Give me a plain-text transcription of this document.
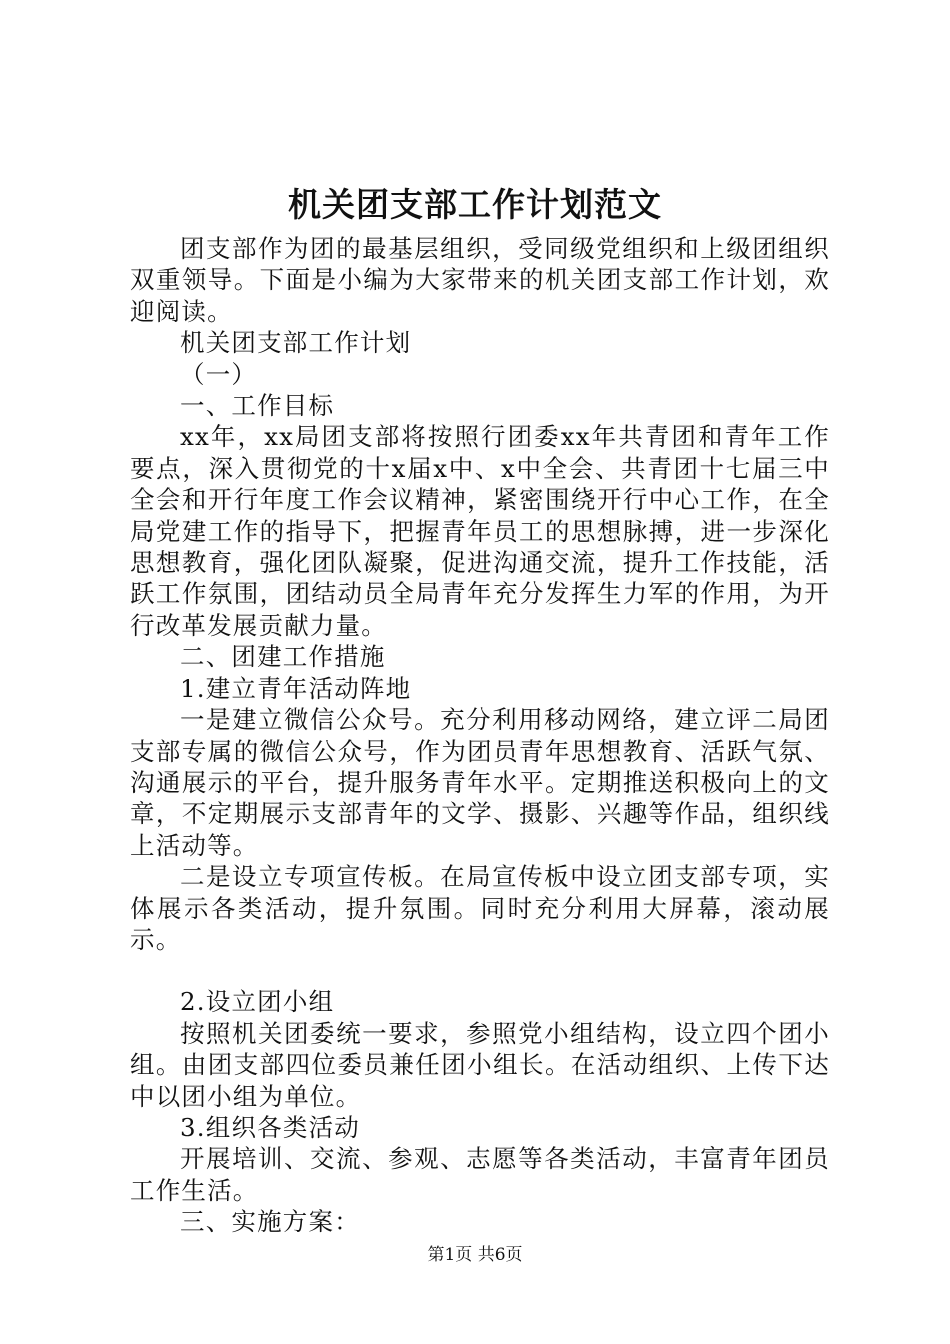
机关团支部工作计划范文

团支部作为团的最基层组织，受同级党组织和上级团组织双重领导。下面是小编为大家带来的机关团支部工作计划，欢迎阅读。

机关团支部工作计划

（一）

一、工作目标

xx年，xx局团支部将按照行团委xx年共青团和青年工作要点，深入贯彻党的十x届x中、x中全会、共青团十七届三中全会和开行年度工作会议精神，紧密围绕开行中心工作，在全局党建工作的指导下，把握青年员工的思想脉搏，进一步深化思想教育，强化团队凝聚，促进沟通交流，提升工作技能，活跃工作氛围，团结动员全局青年充分发挥生力军的作用，为开行改革发展贡献力量。

二、团建工作措施

1.建立青年活动阵地

一是建立微信公众号。充分利用移动网络，建立评二局团支部专属的微信公众号，作为团员青年思想教育、活跃气氛、沟通展示的平台，提升服务青年水平。定期推送积极向上的文章，不定期展示支部青年的文学、摄影、兴趣等作品，组织线上活动等。

二是设立专项宣传板。在局宣传板中设立团支部专项，实体展示各类活动，提升氛围。同时充分利用大屏幕，滚动展示。

2.设立团小组

按照机关团委统一要求，参照党小组结构，设立四个团小组。由团支部四位委员兼任团小组长。在活动组织、上传下达中以团小组为单位。

3.组织各类活动

开展培训、交流、参观、志愿等各类活动，丰富青年团员工作生活。

三、实施方案：

第1页 共6页
